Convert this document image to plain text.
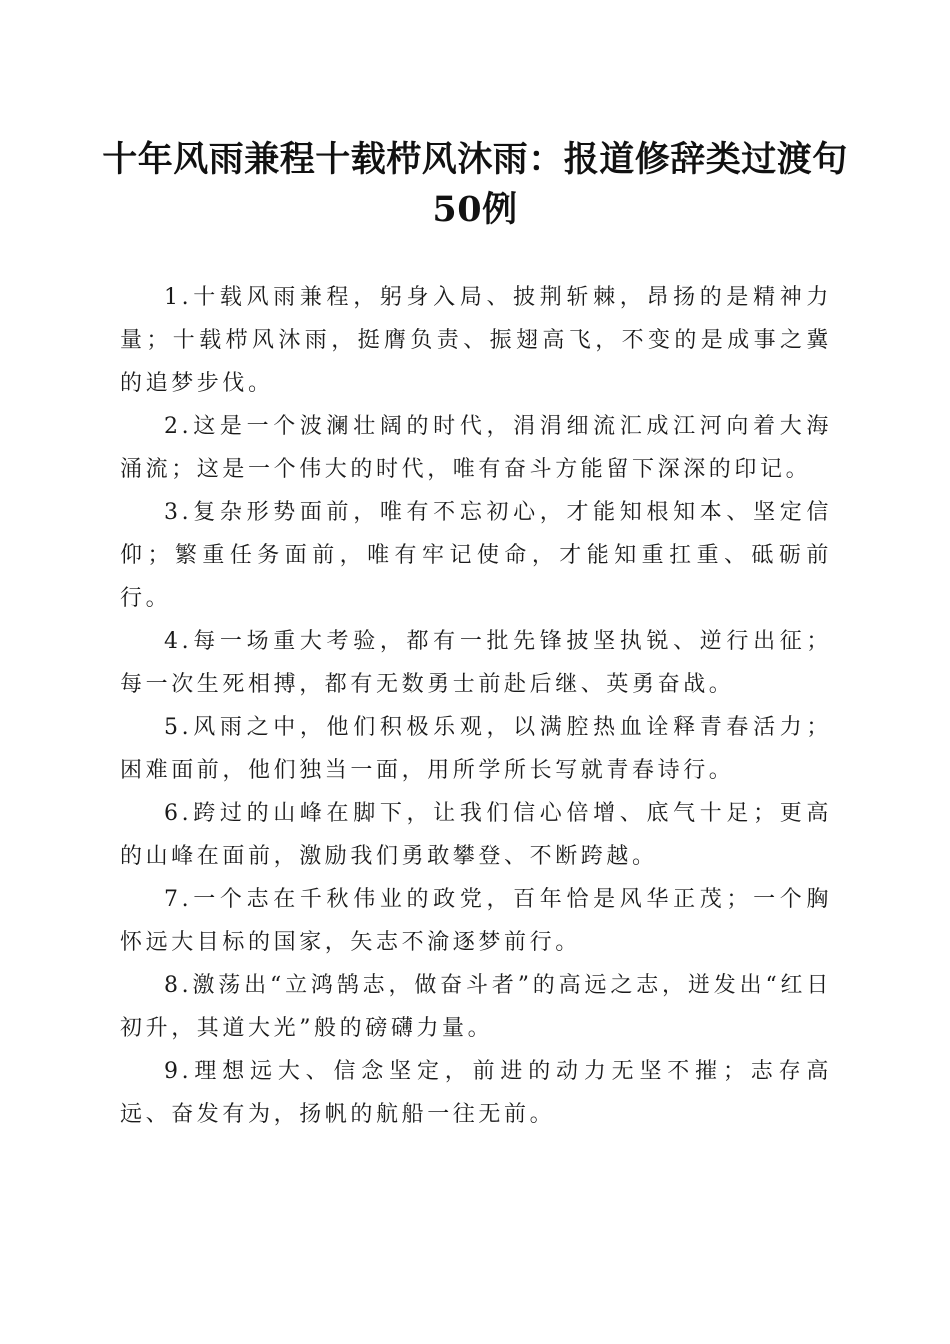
十年风雨兼程十载栉风沐雨：报道修辞类过渡句50例

1.十载风雨兼程，躬身入局、披荆斩棘，昂扬的是精神力量；十载栉风沐雨，挺膺负责、振翅高飞，不变的是成事之冀的追梦步伐。

2.这是一个波澜壮阔的时代，涓涓细流汇成江河向着大海涌流；这是一个伟大的时代，唯有奋斗方能留下深深的印记。

3.复杂形势面前，唯有不忘初心，才能知根知本、坚定信仰；繁重任务面前，唯有牢记使命，才能知重扛重、砥砺前行。

4.每一场重大考验，都有一批先锋披坚执锐、逆行出征；每一次生死相搏，都有无数勇士前赴后继、英勇奋战。

5.风雨之中，他们积极乐观，以满腔热血诠释青春活力；困难面前，他们独当一面，用所学所长写就青春诗行。

6.跨过的山峰在脚下，让我们信心倍增、底气十足；更高的山峰在面前，激励我们勇敢攀登、不断跨越。

7.一个志在千秋伟业的政党，百年恰是风华正茂；一个胸怀远大目标的国家，矢志不渝逐梦前行。

8.激荡出“立鸿鹄志，做奋斗者”的高远之志，迸发出“红日初升，其道大光”般的磅礴力量。

9.理想远大、信念坚定，前进的动力无坚不摧；志存高远、奋发有为，扬帆的航船一往无前。
